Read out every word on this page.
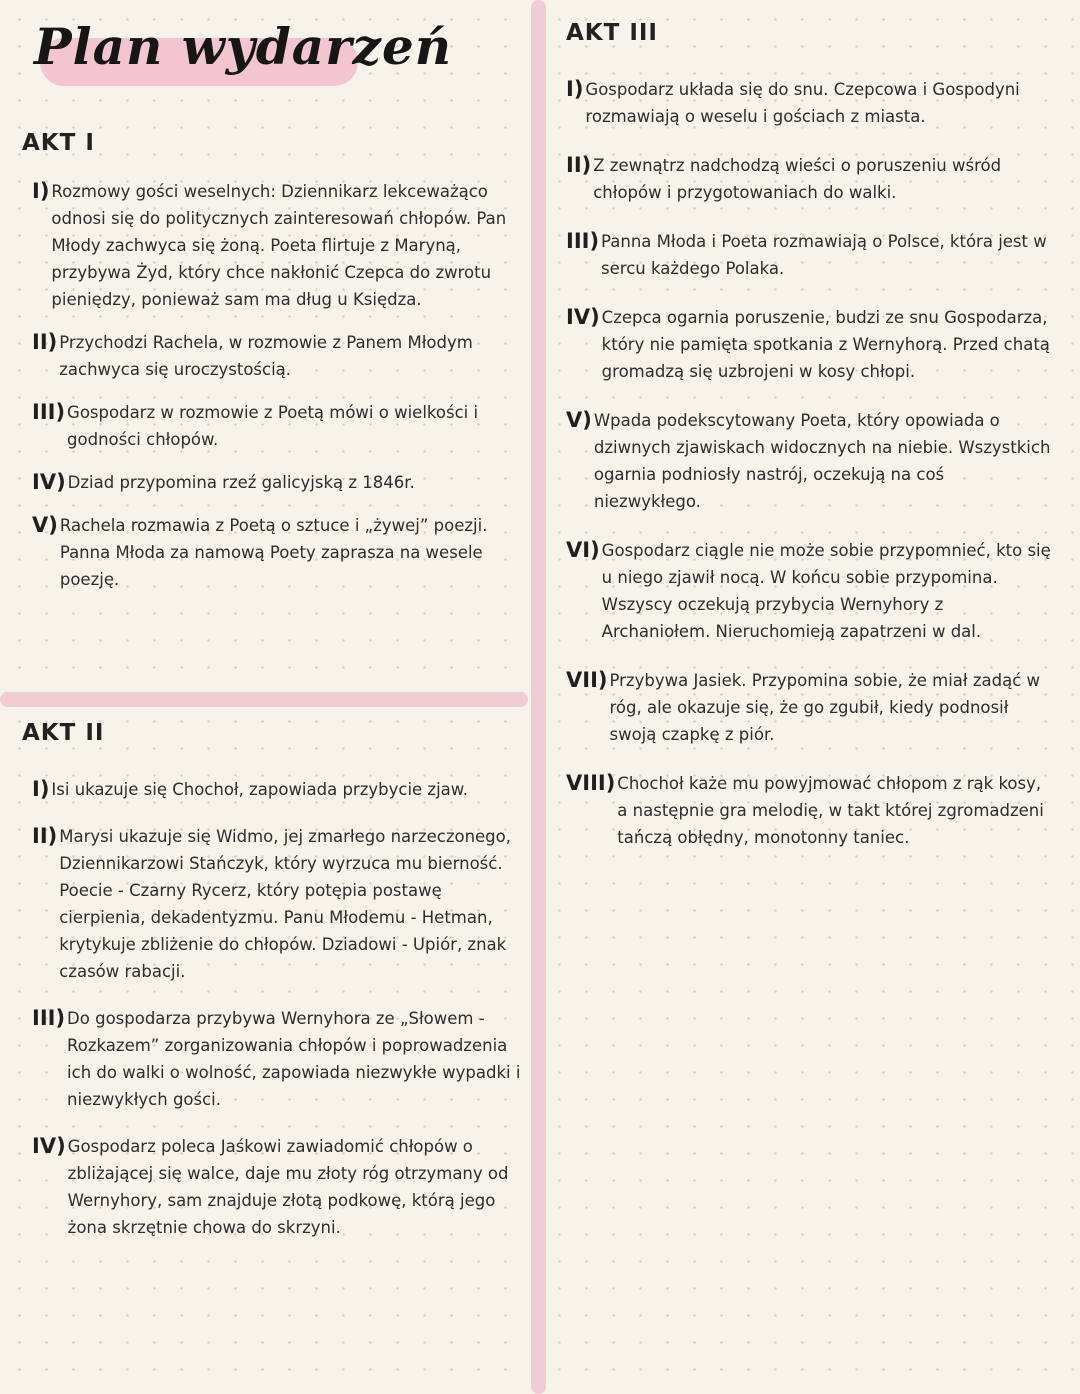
Plan wydarzeń
AKT I
I) Rozmowy gości weselnych: Dziennikarz lekceważąco odnosi się do politycznych zainteresowań chłopów. Pan Młody zachwyca się żoną. Poeta flirtuje z Maryną, przybywa Żyd, który chce nakłonić Czepca do zwrotu pieniędzy, ponieważ sam ma dług u Księdza.
II) Przychodzi Rachela, w rozmowie z Panem Młodym zachwyca się uroczystością.
III) Gospodarz w rozmowie z Poetą mówi o wielkości i godności chłopów.
IV) Dziad przypomina rzeź galicyjską z 1846r.
V) Rachela rozmawia z Poetą o sztuce i „żywej” poezji. Panna Młoda za namową Poety zaprasza na wesele poezję.
AKT II
I) Isi ukazuje się Chochoł, zapowiada przybycie zjaw.
II) Marysi ukazuje się Widmo, jej zmarłego narzeczonego, Dziennikarzowi Stańczyk, który wyrzuca mu bierność. Poecie - Czarny Rycerz, który potępia postawę cierpienia, dekadentyzmu. Panu Młodemu - Hetman, krytykuje zbliżenie do chłopów. Dziadowi - Upiór, znak czasów rabacji.
III) Do gospodarza przybywa Wernyhora ze „Słowem - Rozkazem” zorganizowania chłopów i poprowadzenia ich do walki o wolność, zapowiada niezwykłe wypadki i niezwykłych gości.
IV) Gospodarz poleca Jaśkowi zawiadomić chłopów o zbliżającej się walce, daje mu złoty róg otrzymany od Wernyhory, sam znajduje złotą podkowę, którą jego żona skrzętnie chowa do skrzyni.
AKT III
I) Gospodarz układa się do snu. Czepcowa i Gospodyni rozmawiają o weselu i gościach z miasta.
II) Z zewnątrz nadchodzą wieści o poruszeniu wśród chłopów i przygotowaniach do walki.
III) Panna Młoda i Poeta rozmawiają o Polsce, która jest w sercu każdego Polaka.
IV) Czepca ogarnia poruszenie, budzi ze snu Gospodarza, który nie pamięta spotkania z Wernyhorą. Przed chatą gromadzą się uzbrojeni w kosy chłopi.
V) Wpada podekscytowany Poeta, który opowiada o dziwnych zjawiskach widocznych na niebie. Wszystkich ogarnia podniosły nastrój, oczekują na coś niezwykłego.
VI) Gospodarz ciągle nie może sobie przypomnieć, kto się u niego zjawił nocą. W końcu sobie przypomina. Wszyscy oczekują przybycia Wernyhory z Archaniołem. Nieruchomieją zapatrzeni w dal.
VII) Przybywa Jasiek. Przypomina sobie, że miał zadąć w róg, ale okazuje się, że go zgubił, kiedy podnosił swoją czapkę z piór.
VIII) Chochoł każe mu powyjmować chłopom z rąk kosy, a następnie gra melodię, w takt której zgromadzeni tańczą obłędny, monotonny taniec.
